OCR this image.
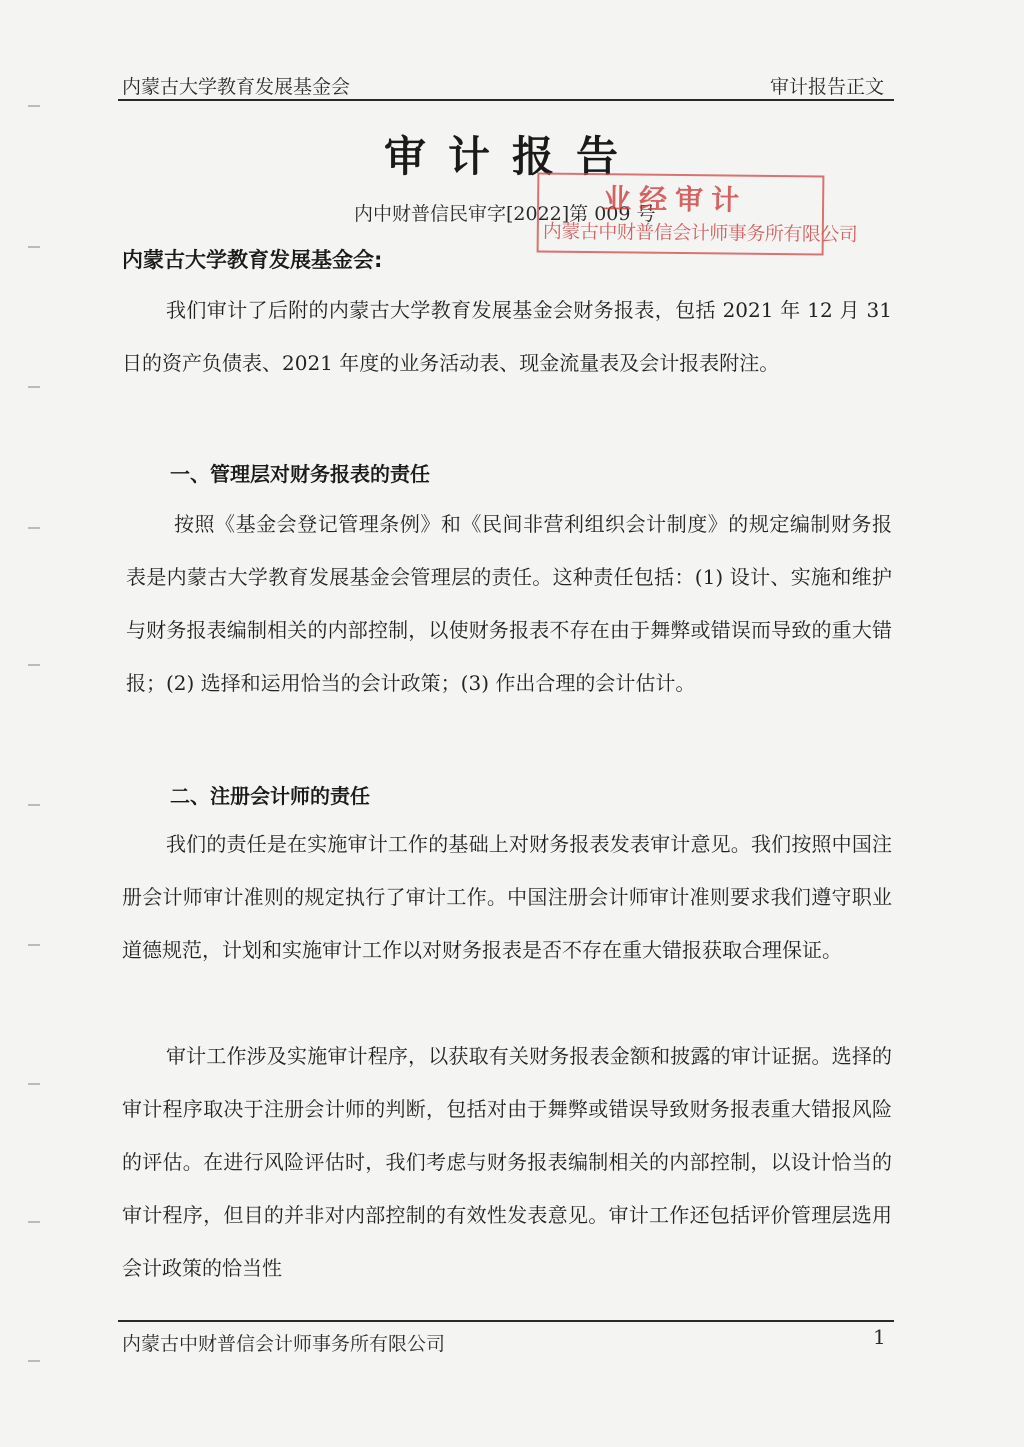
内蒙古大学教育发展基金会	审计报告正文
审计报告
内中财普信民审字[2022]第 009 号
业经审计
内蒙古中财普信会计师事务所有限公司
内蒙古大学教育发展基金会:
我们审计了后附的内蒙古大学教育发展基金会财务报表，包括 2021 年 12 月 31 日的资产负债表、2021 年度的业务活动表、现金流量表及会计报表附注。
一、管理层对财务报表的责任
按照《基金会登记管理条例》和《民间非营利组织会计制度》的规定编制财务报表是内蒙古大学教育发展基金会管理层的责任。这种责任包括：(1) 设计、实施和维护与财务报表编制相关的内部控制，以使财务报表不存在由于舞弊或错误而导致的重大错报；(2) 选择和运用恰当的会计政策；(3) 作出合理的会计估计。
二、注册会计师的责任
我们的责任是在实施审计工作的基础上对财务报表发表审计意见。我们按照中国注册会计师审计准则的规定执行了审计工作。中国注册会计师审计准则要求我们遵守职业道德规范，计划和实施审计工作以对财务报表是否不存在重大错报获取合理保证。
审计工作涉及实施审计程序，以获取有关财务报表金额和披露的审计证据。选择的审计程序取决于注册会计师的判断，包括对由于舞弊或错误导致财务报表重大错报风险的评估。在进行风险评估时，我们考虑与财务报表编制相关的内部控制，以设计恰当的审计程序，但目的并非对内部控制的有效性发表意见。审计工作还包括评价管理层选用会计政策的恰当性
内蒙古中财普信会计师事务所有限公司	1
